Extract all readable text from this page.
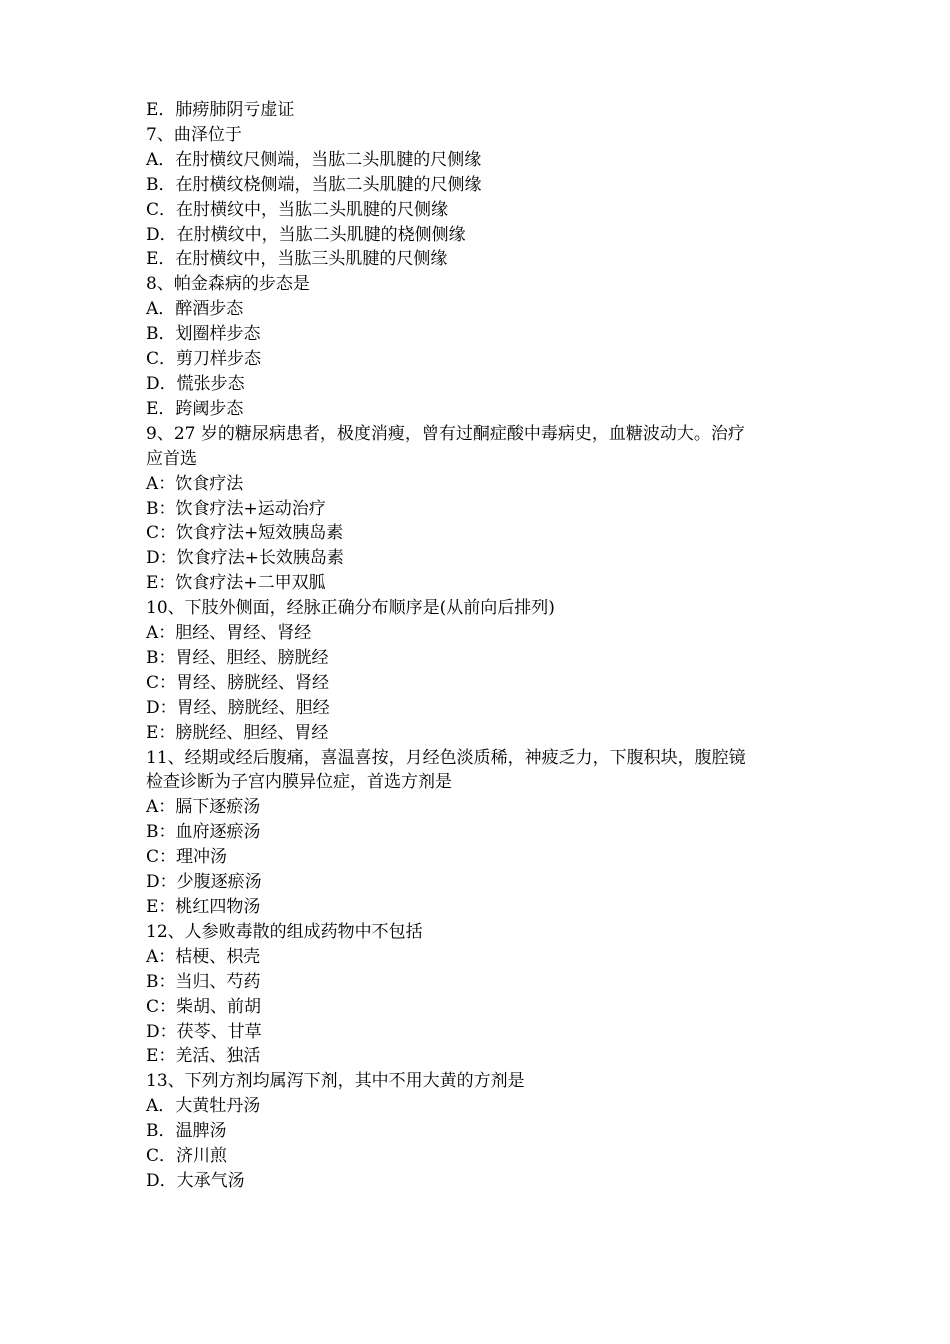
E．肺痨肺阴亏虚证
7、曲泽位于
A．在肘横纹尺侧端，当肱二头肌腱的尺侧缘
B．在肘横纹桡侧端，当肱二头肌腱的尺侧缘
C．在肘横纹中，当肱二头肌腱的尺侧缘
D．在肘横纹中，当肱二头肌腱的桡侧侧缘
E．在肘横纹中，当肱三头肌腱的尺侧缘
8、帕金森病的步态是
A．醉酒步态
B．划圈样步态
C．剪刀样步态
D．慌张步态
E．跨阈步态
9、27 岁的糖尿病患者，极度消瘦，曾有过酮症酸中毒病史，血糖波动大。治疗
应首选
A：饮食疗法
B：饮食疗法+运动治疗
C：饮食疗法+短效胰岛素
D：饮食疗法+长效胰岛素
E：饮食疗法+二甲双胍
10、下肢外侧面，经脉正确分布顺序是(从前向后排列)
A：胆经、胃经、肾经
B：胃经、胆经、膀胱经
C：胃经、膀胱经、肾经
D：胃经、膀胱经、胆经
E：膀胱经、胆经、胃经
11、经期或经后腹痛，喜温喜按，月经色淡质稀，神疲乏力，下腹积块，腹腔镜
检查诊断为子宫内膜异位症，首选方剂是
A：膈下逐瘀汤
B：血府逐瘀汤
C：理冲汤
D：少腹逐瘀汤
E：桃红四物汤
12、人参败毒散的组成药物中不包括
A：桔梗、枳壳
B：当归、芍药
C：柴胡、前胡
D：茯苓、甘草
E：羌活、独活
13、下列方剂均属泻下剂，其中不用大黄的方剂是
A．大黄牡丹汤
B．温脾汤
C．济川煎
D．大承气汤
